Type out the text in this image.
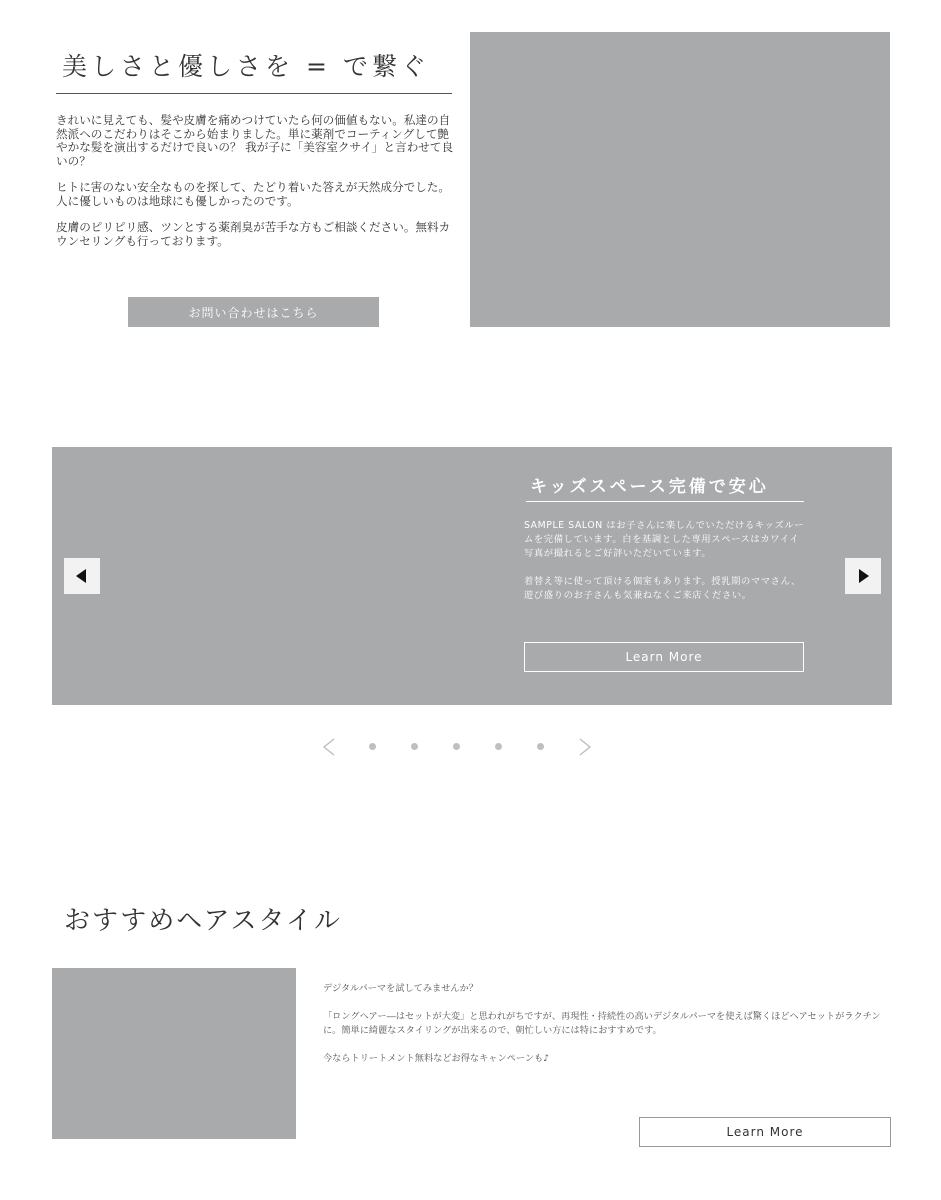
美しさと優しさを = で繋ぐ

きれいに見えても、髪や皮膚を痛めつけていたら何の価値もない。私達の自然派へのこだわりはそこから始まりました。単に薬剤でコーティングして艶やかな髪を演出するだけで良いの？ 我が子に「美容室クサイ」と言わせて良いの？

ヒトに害のない安全なものを探して、たどり着いた答えが天然成分でした。人に優しいものは地球にも優しかったのです。

皮膚のピリピリ感、ツンとする薬剤臭が苦手な方もご相談ください。無料カウンセリングも行っております。

お問い合わせはこちら
キッズスペース完備で安心

SAMPLE SALON はお子さんに楽しんでいただけるキッズルームを完備しています。白を基調とした専用スペースはカワイイ写真が撮れるとご好評いただいています。

着替え等に使って頂ける個室もあります。授乳期のママさん、遊び盛りのお子さんも気兼ねなくご来店ください。

Learn More
おすすめヘアスタイル

デジタルパーマを試してみませんか？

「ロングヘアー―はセットが大変」と思われがちですが、再現性・持続性の高いデジタルパーマを使えば驚くほどヘアセットがラクチンに。簡単に綺麗なスタイリングが出来るので、朝忙しい方には特におすすめです。

今ならトリートメント無料などお得なキャンペーンも♪

Learn More
